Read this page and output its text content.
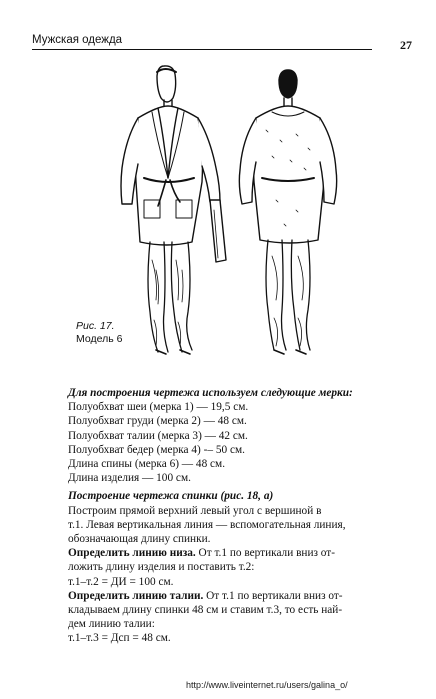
Мужская одежда	27
Рис. 17.
Модель 6

Для построения чертежа используем следующие мерки:

Полуобхват шеи (мерка 1) — 19,5 см.

Полуобхват груди (мерка 2) — 48 см.

Полуобхват талии (мерка 3) — 42 см.

Полуобхват бедер (мерка 4) -– 50 см.

Длина спины (мерка 6) — 48 см.

Длина изделия — 100 см.

Построение чертежа спинки (рис. 18, а)

Построим прямой верхний левый угол с вершиной в

т.1. Левая вертикальная линия — вспомогательная линия,

обозначающая длину спинки.

Определить линию низа. От т.1 по вертикали вниз от-

ложить длину изделия и поставить т.2:

т.1–т.2 = ДИ = 100 см.

Определить линию талии. От т.1 по вертикали вниз от-

кладываем длину спинки 48 см и ставим т.3, то есть най-

дем линию талии:

т.1–т.3 = Дсп = 48 см.

http://www.liveinternet.ru/users/galina_o/
